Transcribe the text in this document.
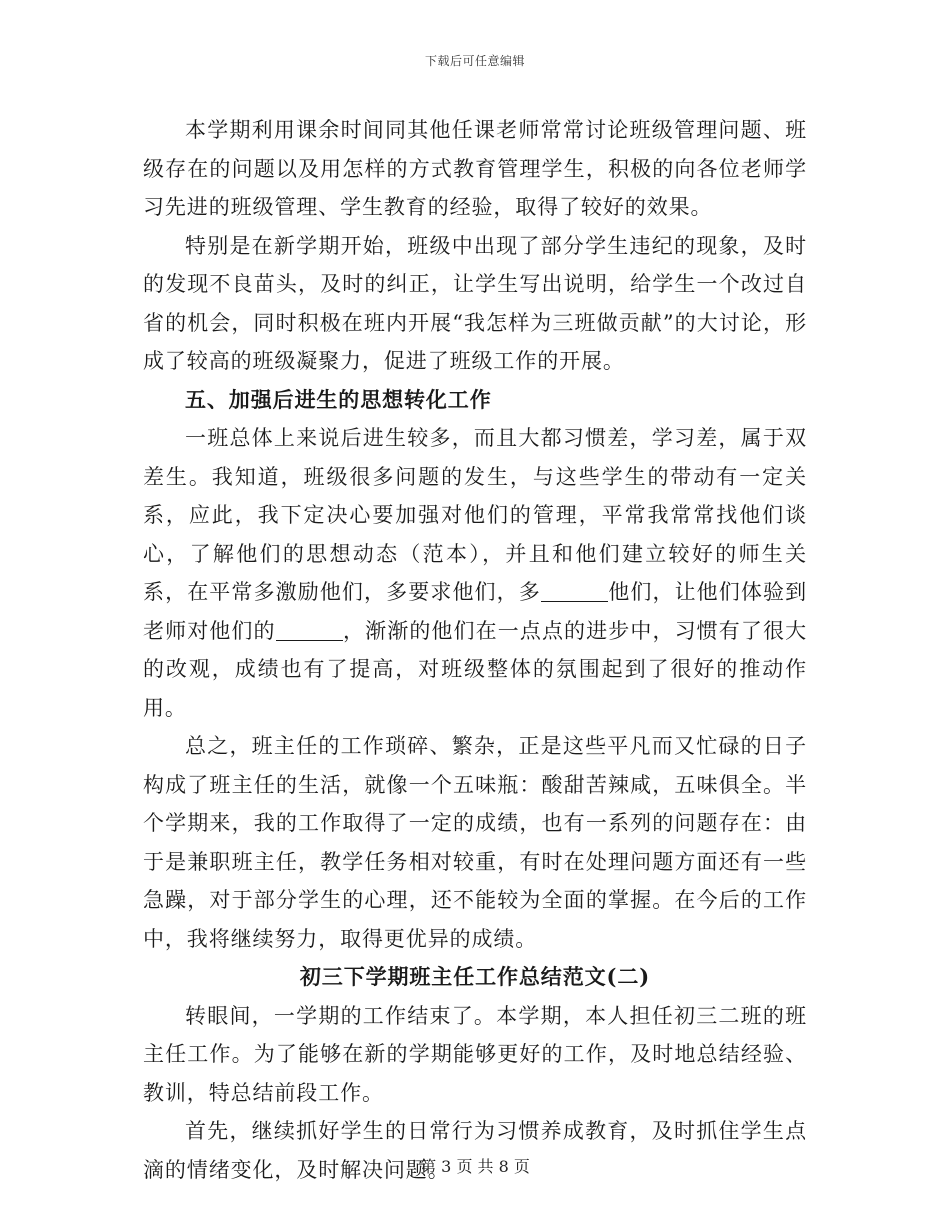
下载后可任意编辑

本学期利用课余时间同其他任课老师常常讨论班级管理问题、班级存在的问题以及用怎样的方式教育管理学生，积极的向各位老师学习先进的班级管理、学生教育的经验，取得了较好的效果。

特别是在新学期开始，班级中出现了部分学生违纪的现象，及时的发现不良苗头，及时的纠正，让学生写出说明，给学生一个改过自省的机会，同时积极在班内开展“我怎样为三班做贡献”的大讨论，形成了较高的班级凝聚力，促进了班级工作的开展。

五、加强后进生的思想转化工作

一班总体上来说后进生较多，而且大都习惯差，学习差，属于双差生。我知道，班级很多问题的发生，与这些学生的带动有一定关系，应此，我下定决心要加强对他们的管理，平常我常常找他们谈心，了解他们的思想动态（范本），并且和他们建立较好的师生关系，在平常多激励他们，多要求他们，多	他们，让他们体验到老师对他们的	，渐渐的他们在一点点的进步中，习惯有了很大的改观，成绩也有了提高，对班级整体的氛围起到了很好的推动作用。

总之，班主任的工作琐碎、繁杂，正是这些平凡而又忙碌的日子构成了班主任的生活，就像一个五味瓶：酸甜苦辣咸，五味俱全。半个学期来，我的工作取得了一定的成绩，也有一系列的问题存在：由于是兼职班主任，教学任务相对较重，有时在处理问题方面还有一些急躁，对于部分学生的心理，还不能较为全面的掌握。在今后的工作中，我将继续努力，取得更优异的成绩。

初三下学期班主任工作总结范文(二)

转眼间，一学期的工作结束了。本学期，本人担任初三二班的班主任工作。为了能够在新的学期能够更好的工作，及时地总结经验、教训，特总结前段工作。

首先，继续抓好学生的日常行为习惯养成教育，及时抓住学生点滴的情绪变化，及时解决问题。

第 3 页 共 8 页
